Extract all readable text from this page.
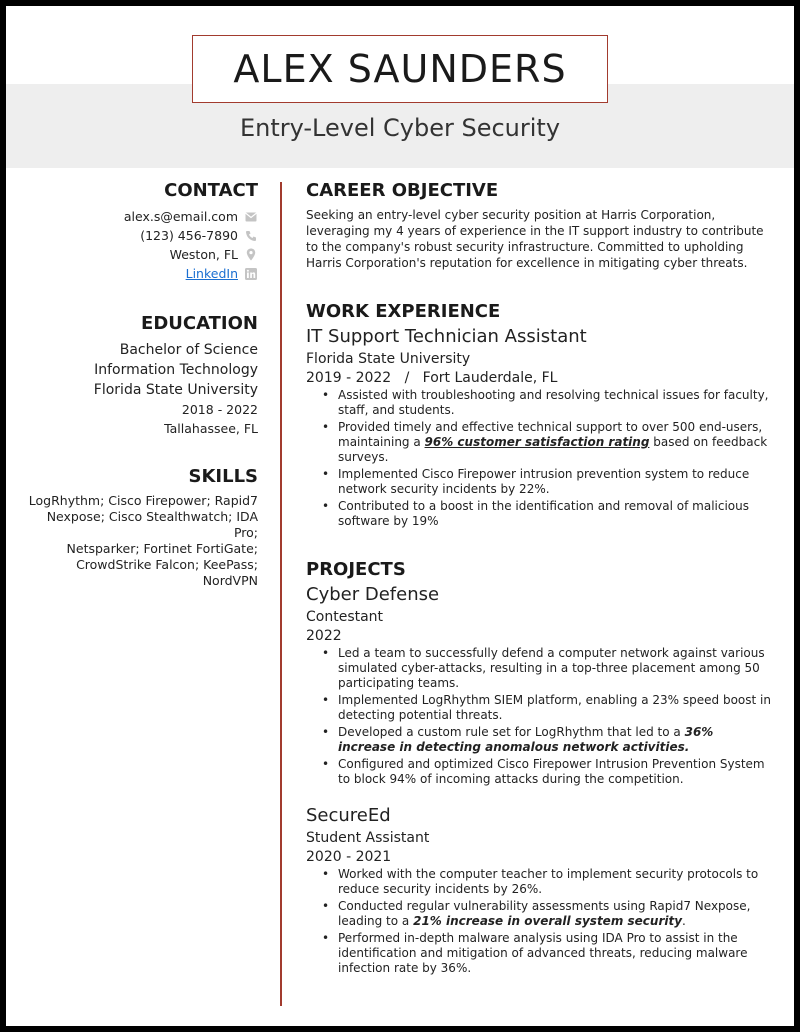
ALEX SAUNDERS
Entry-Level Cyber Security
CONTACT
alex.s@email.com
(123) 456-7890
Weston, FL
LinkedIn
EDUCATION
Bachelor of Science
Information Technology
Florida State University
2018 - 2022
Tallahassee, FL
SKILLS
LogRhythm; Cisco Firepower; Rapid7
Nexpose; Cisco Stealthwatch; IDA Pro;
Netsparker; Fortinet FortiGate;
CrowdStrike Falcon; KeePass; NordVPN
CAREER OBJECTIVE

Seeking an entry-level cyber security position at Harris Corporation, leveraging my 4 years of experience in the IT support industry to contribute to the company's robust security infrastructure. Committed to upholding Harris Corporation's reputation for excellence in mitigating cyber threats.

WORK EXPERIENCE
IT Support Technician Assistant
Florida State University
2019 - 2022 / Fort Lauderdale, FL
• Assisted with troubleshooting and resolving technical issues for faculty, staff, and students.
• Provided timely and effective technical support to over 500 end-users, maintaining a 96% customer satisfaction rating based on feedback surveys.
• Implemented Cisco Firepower intrusion prevention system to reduce network security incidents by 22%.
• Contributed to a boost in the identification and removal of malicious software by 19%
PROJECTS
Cyber Defense
Contestant
2022
• Led a team to successfully defend a computer network against various simulated cyber-attacks, resulting in a top-three placement among 50 participating teams.
• Implemented LogRhythm SIEM platform, enabling a 23% speed boost in detecting potential threats.
• Developed a custom rule set for LogRhythm that led to a 36% increase in detecting anomalous network activities.
• Configured and optimized Cisco Firepower Intrusion Prevention System to block 94% of incoming attacks during the competition.
SecureEd
Student Assistant
2020 - 2021
• Worked with the computer teacher to implement security protocols to reduce security incidents by 26%.
• Conducted regular vulnerability assessments using Rapid7 Nexpose, leading to a 21% increase in overall system security.
• Performed in-depth malware analysis using IDA Pro to assist in the identification and mitigation of advanced threats, reducing malware infection rate by 36%.
